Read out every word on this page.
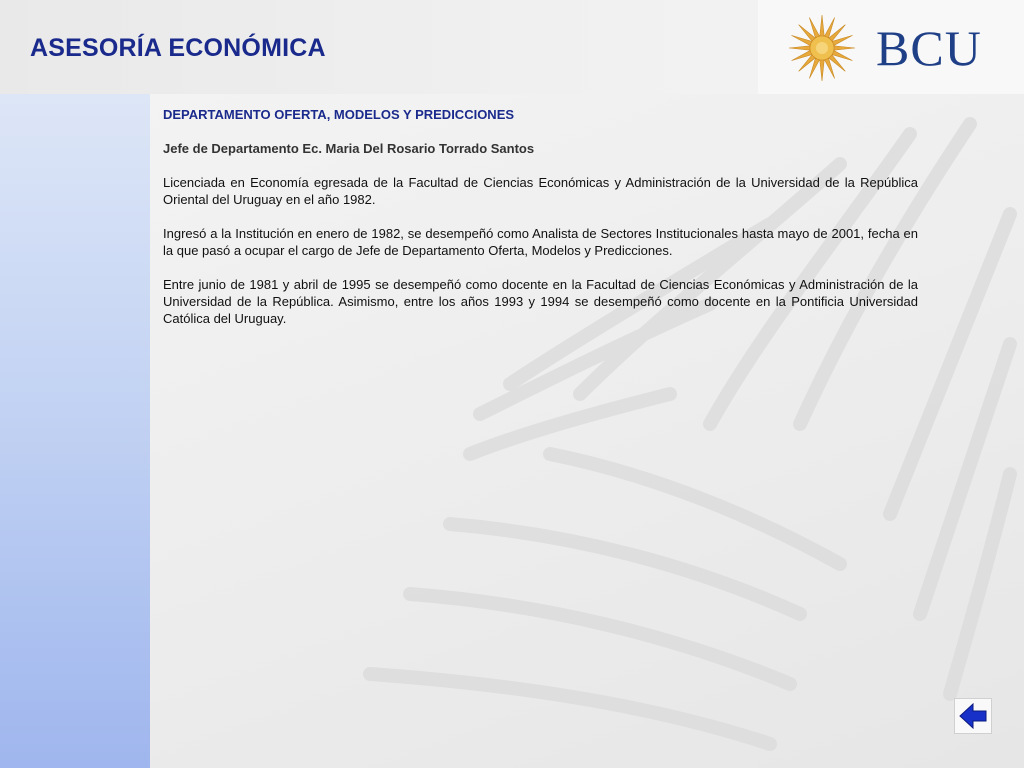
ASESORÍA ECONÓMICA	BCU

DEPARTAMENTO OFERTA, MODELOS Y PREDICCIONES

Jefe de Departamento Ec. Maria Del Rosario Torrado Santos

Licenciada en Economía egresada de la Facultad de Ciencias Económicas y Administración de la Universidad de la República Oriental del Uruguay en el año 1982.

Ingresó a la Institución en enero de 1982, se desempeñó como Analista de Sectores Institucionales hasta mayo de 2001, fecha en la que pasó a ocupar el cargo de Jefe de Departamento Oferta, Modelos y Predicciones.

Entre junio de 1981 y abril de 1995 se desempeñó como docente en la Facultad de Ciencias Económicas y Administración de la Universidad de la República. Asimismo, entre los años 1993 y 1994 se desempeñó como docente en la Pontificia Universidad Católica del Uruguay.
